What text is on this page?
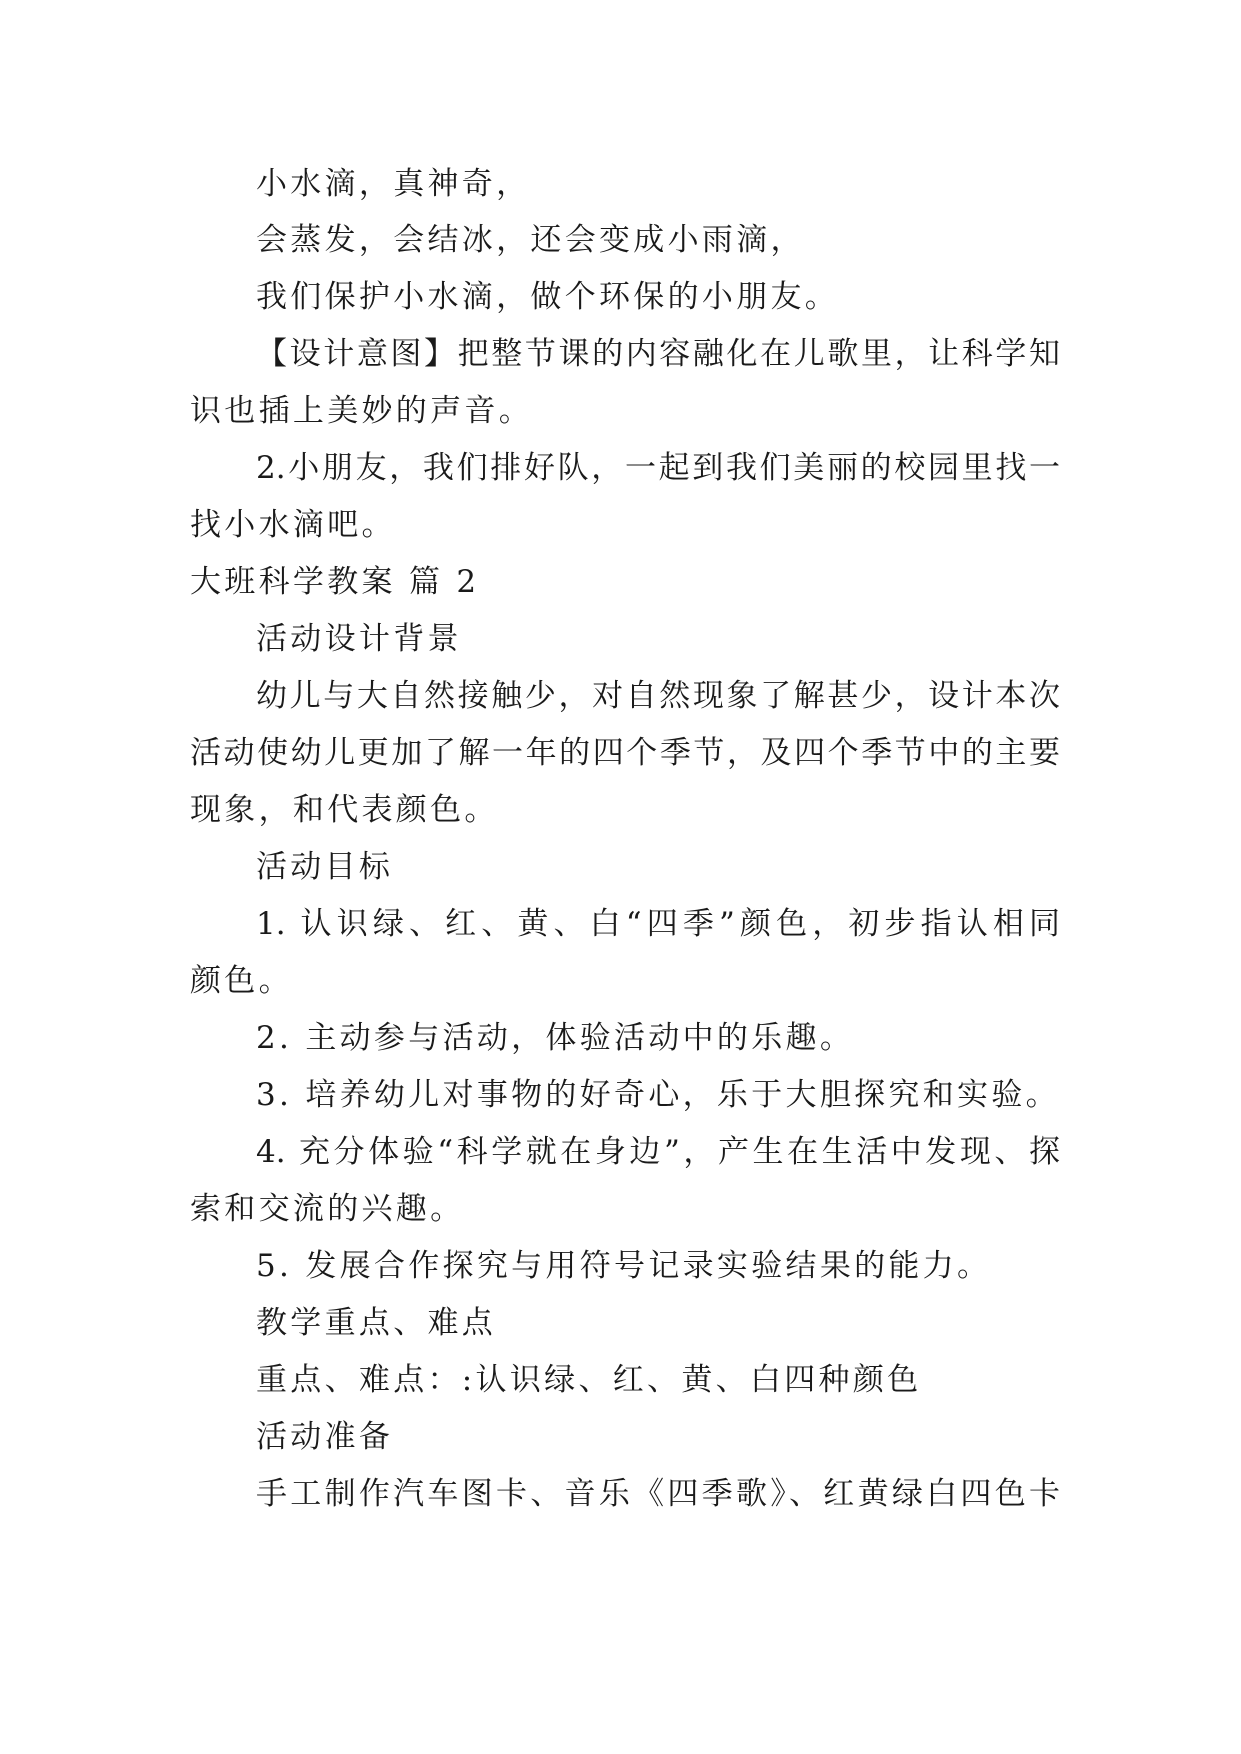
小水滴，真神奇，
会蒸发，会结冰，还会变成小雨滴，
我们保护小水滴，做个环保的小朋友。
【设计意图】把整节课的内容融化在儿歌里，让科学知
识也插上美妙的声音。
2.小朋友，我们排好队，一起到我们美丽的校园里找一
找小水滴吧。
大班科学教案 篇 2
活动设计背景
幼儿与大自然接触少，对自然现象了解甚少，设计本次
活动使幼儿更加了解一年的四个季节，及四个季节中的主要
现象，和代表颜色。
活动目标
1. 认识绿、红、黄、白“四季”颜色，初步指认相同
颜色。
2. 主动参与活动，体验活动中的乐趣。
3. 培养幼儿对事物的好奇心，乐于大胆探究和实验。
4. 充分体验“科学就在身边”，产生在生活中发现、探
索和交流的兴趣。
5. 发展合作探究与用符号记录实验结果的能力。
教学重点、难点
重点、难点：:认识绿、红、黄、白四种颜色
活动准备
手工制作汽车图卡、音乐《四季歌》、红黄绿白四色卡
